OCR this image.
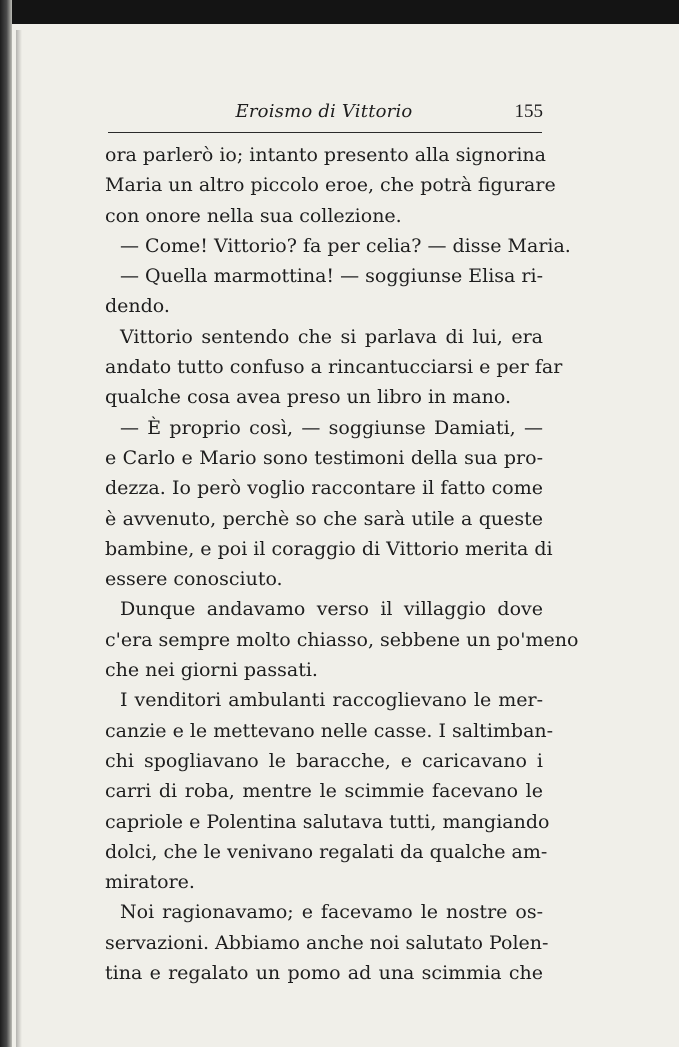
Eroismo di Vittorio	155
ora parlerò io; intanto presento alla signorina
Maria un altro piccolo eroe, che potrà figurare
con onore nella sua collezione.
— Come! Vittorio? fa per celia? — disse Maria.
— Quella marmottina! — soggiunse Elisa ri-
dendo.
Vittorio sentendo che si parlava di lui, era
andato tutto confuso a rincantucciarsi e per far
qualche cosa avea preso un libro in mano.
— È proprio così, — soggiunse Damiati, —
e Carlo e Mario sono testimoni della sua pro-
dezza. Io però voglio raccontare il fatto come
è avvenuto, perchè so che sarà utile a queste
bambine, e poi il coraggio di Vittorio merita di
essere conosciuto.
Dunque andavamo verso il villaggio dove
c'era sempre molto chiasso, sebbene un po'meno
che nei giorni passati.
I venditori ambulanti raccoglievano le mer-
canzie e le mettevano nelle casse. I saltimban-
chi spogliavano le baracche, e caricavano i
carri di roba, mentre le scimmie facevano le
capriole e Polentina salutava tutti, mangiando
dolci, che le venivano regalati da qualche am-
miratore.
Noi ragionavamo; e facevamo le nostre os-
servazioni. Abbiamo anche noi salutato Polen-
tina e regalato un pomo ad una scimmia che
